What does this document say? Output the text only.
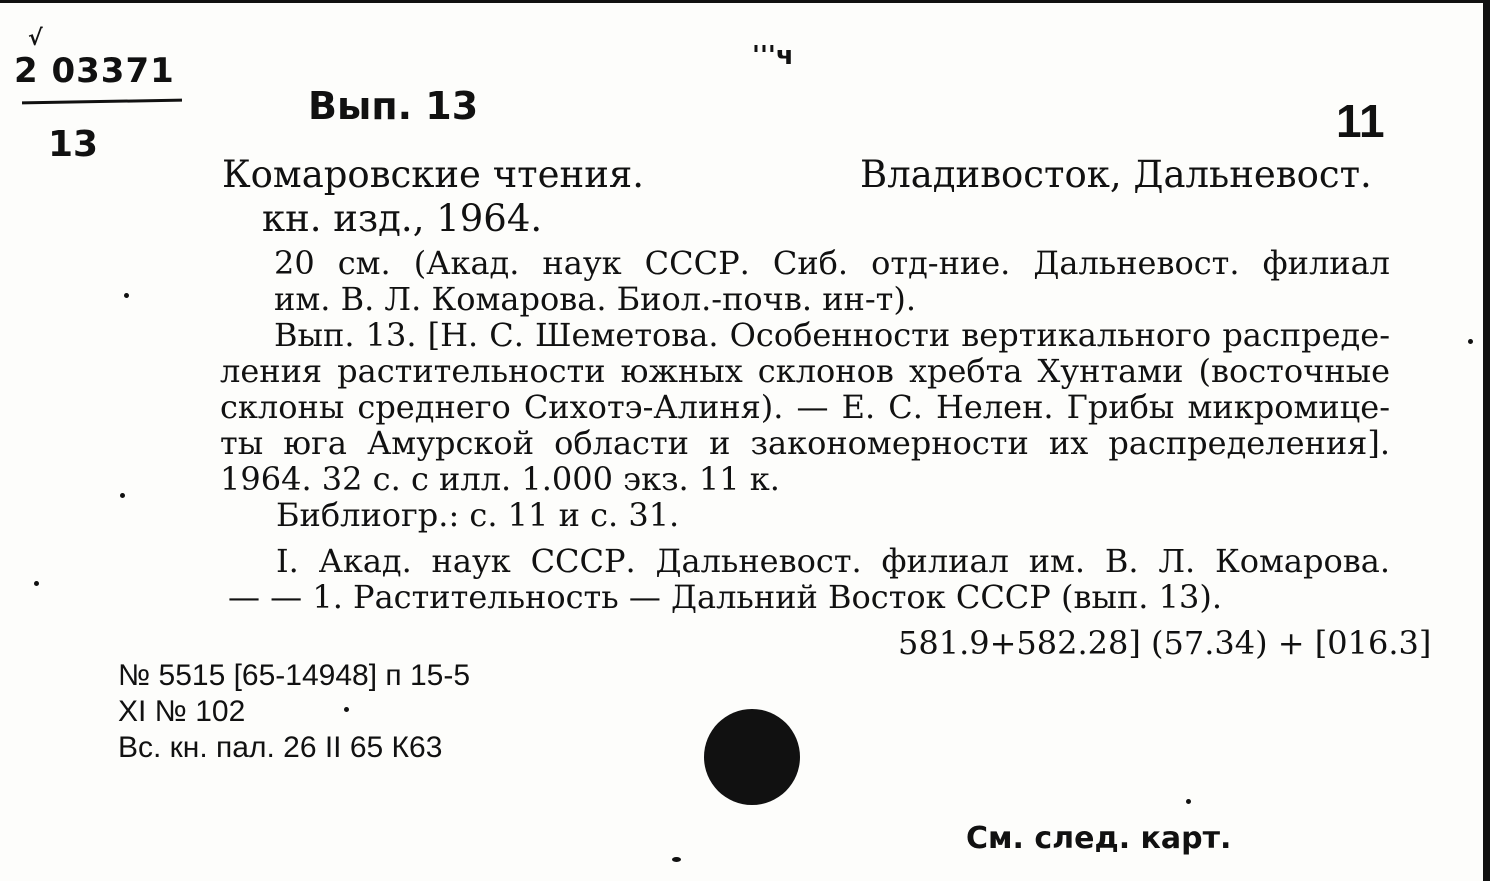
√
2 03371
13
Вып. 13
'''ч
11
Комаровские чтения.	Владивосток, Дальневост.
кн. изд., 1964.
20 см. (Акад. наук СССР. Сиб. отд-ние. Дальневост. филиал
им. В. Л. Комарова. Биол.-почв. ин-т).
Вып. 13. [Н. С. Шеметова. Особенности вертикального распреде-
ления растительности южных склонов хребта Хунтами (восточные
склоны среднего Сихотэ-Алиня). — Е. С. Нелен. Грибы микромице-
ты юга Амурской области и закономерности их распределения].
1964. 32 с. с илл. 1.000 экз. 11 к.
Библиогр.: с. 11 и с. 31.
I. Акад. наук СССР. Дальневост. филиал им. В. Л. Комарова.
— — 1. Растительность — Дальний Восток СССР (вып. 13).
581.9+582.28] (57.34) + [016.3]
№ 5515 [65-14948] п 15-5
XI № 102
Вс. кн. пал. 26 II 65 К63
См. след. карт.
